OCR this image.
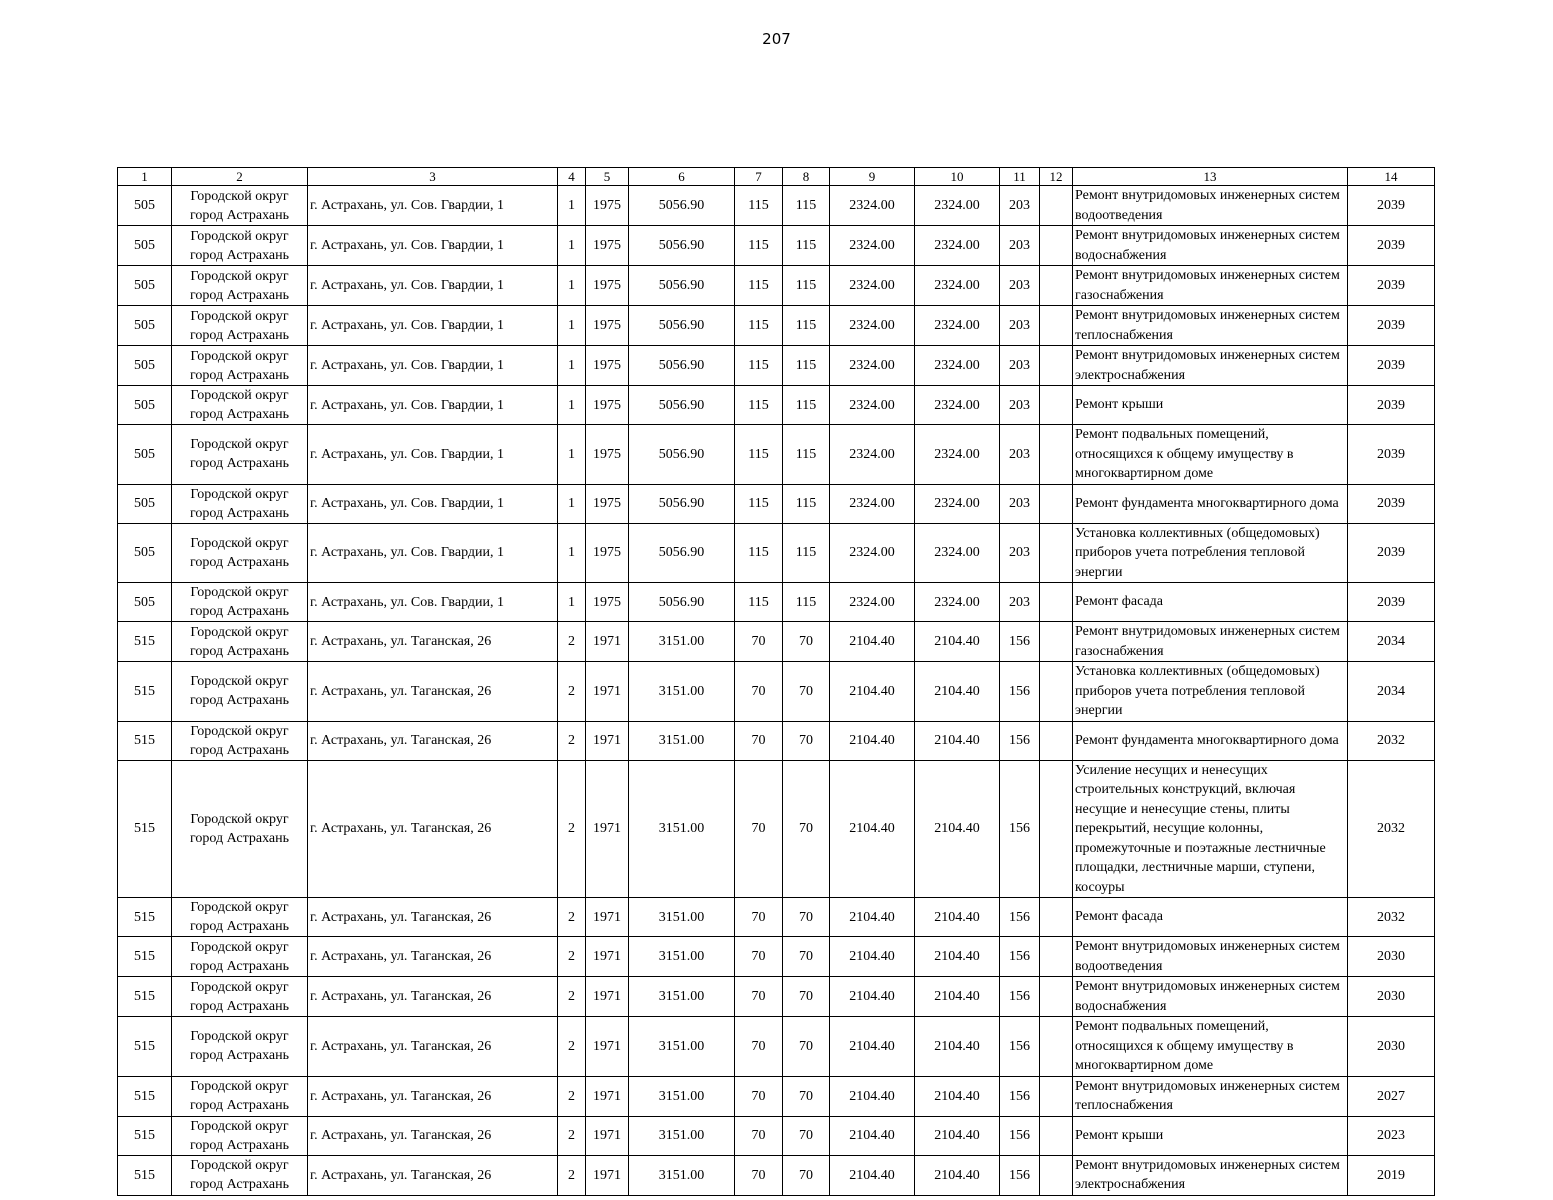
207
1	2	3	4	5	6	7	8	9	10	11	12	13	14
505	Городской округ город Астрахань	г. Астрахань, ул. Сов. Гвардии, 1	1	1975	5056.90	115	115	2324.00	2324.00	203		Ремонт внутридомовых инженерных систем водоотведения	2039
505	Городской округ город Астрахань	г. Астрахань, ул. Сов. Гвардии, 1	1	1975	5056.90	115	115	2324.00	2324.00	203		Ремонт внутридомовых инженерных систем водоснабжения	2039
505	Городской округ город Астрахань	г. Астрахань, ул. Сов. Гвардии, 1	1	1975	5056.90	115	115	2324.00	2324.00	203		Ремонт внутридомовых инженерных систем газоснабжения	2039
505	Городской округ город Астрахань	г. Астрахань, ул. Сов. Гвардии, 1	1	1975	5056.90	115	115	2324.00	2324.00	203		Ремонт внутридомовых инженерных систем теплоснабжения	2039
505	Городской округ город Астрахань	г. Астрахань, ул. Сов. Гвардии, 1	1	1975	5056.90	115	115	2324.00	2324.00	203		Ремонт внутридомовых инженерных систем электроснабжения	2039
505	Городской округ город Астрахань	г. Астрахань, ул. Сов. Гвардии, 1	1	1975	5056.90	115	115	2324.00	2324.00	203		Ремонт крыши	2039
505	Городской округ город Астрахань	г. Астрахань, ул. Сов. Гвардии, 1	1	1975	5056.90	115	115	2324.00	2324.00	203		Ремонт подвальных помещений, относящихся к общему имуществу в многоквартирном доме	2039
505	Городской округ город Астрахань	г. Астрахань, ул. Сов. Гвардии, 1	1	1975	5056.90	115	115	2324.00	2324.00	203		Ремонт фундамента многоквартирного дома	2039
505	Городской округ город Астрахань	г. Астрахань, ул. Сов. Гвардии, 1	1	1975	5056.90	115	115	2324.00	2324.00	203		Установка коллективных (общедомовых) приборов учета потребления тепловой энергии	2039
505	Городской округ город Астрахань	г. Астрахань, ул. Сов. Гвардии, 1	1	1975	5056.90	115	115	2324.00	2324.00	203		Ремонт фасада	2039
515	Городской округ город Астрахань	г. Астрахань, ул. Таганская, 26	2	1971	3151.00	70	70	2104.40	2104.40	156		Ремонт внутридомовых инженерных систем газоснабжения	2034
515	Городской округ город Астрахань	г. Астрахань, ул. Таганская, 26	2	1971	3151.00	70	70	2104.40	2104.40	156		Установка коллективных (общедомовых) приборов учета потребления тепловой энергии	2034
515	Городской округ город Астрахань	г. Астрахань, ул. Таганская, 26	2	1971	3151.00	70	70	2104.40	2104.40	156		Ремонт фундамента многоквартирного дома	2032
515	Городской округ город Астрахань	г. Астрахань, ул. Таганская, 26	2	1971	3151.00	70	70	2104.40	2104.40	156		Усиление несущих и ненесущих строительных конструкций, включая несущие и ненесущие стены, плиты перекрытий, несущие колонны, промежуточные и поэтажные лестничные площадки, лестничные марши, ступени, косоуры	2032
515	Городской округ город Астрахань	г. Астрахань, ул. Таганская, 26	2	1971	3151.00	70	70	2104.40	2104.40	156		Ремонт фасада	2032
515	Городской округ город Астрахань	г. Астрахань, ул. Таганская, 26	2	1971	3151.00	70	70	2104.40	2104.40	156		Ремонт внутридомовых инженерных систем водоотведения	2030
515	Городской округ город Астрахань	г. Астрахань, ул. Таганская, 26	2	1971	3151.00	70	70	2104.40	2104.40	156		Ремонт внутридомовых инженерных систем водоснабжения	2030
515	Городской округ город Астрахань	г. Астрахань, ул. Таганская, 26	2	1971	3151.00	70	70	2104.40	2104.40	156		Ремонт подвальных помещений, относящихся к общему имуществу в многоквартирном доме	2030
515	Городской округ город Астрахань	г. Астрахань, ул. Таганская, 26	2	1971	3151.00	70	70	2104.40	2104.40	156		Ремонт внутридомовых инженерных систем теплоснабжения	2027
515	Городской округ город Астрахань	г. Астрахань, ул. Таганская, 26	2	1971	3151.00	70	70	2104.40	2104.40	156		Ремонт крыши	2023
515	Городской округ город Астрахань	г. Астрахань, ул. Таганская, 26	2	1971	3151.00	70	70	2104.40	2104.40	156		Ремонт внутридомовых инженерных систем электроснабжения	2019
